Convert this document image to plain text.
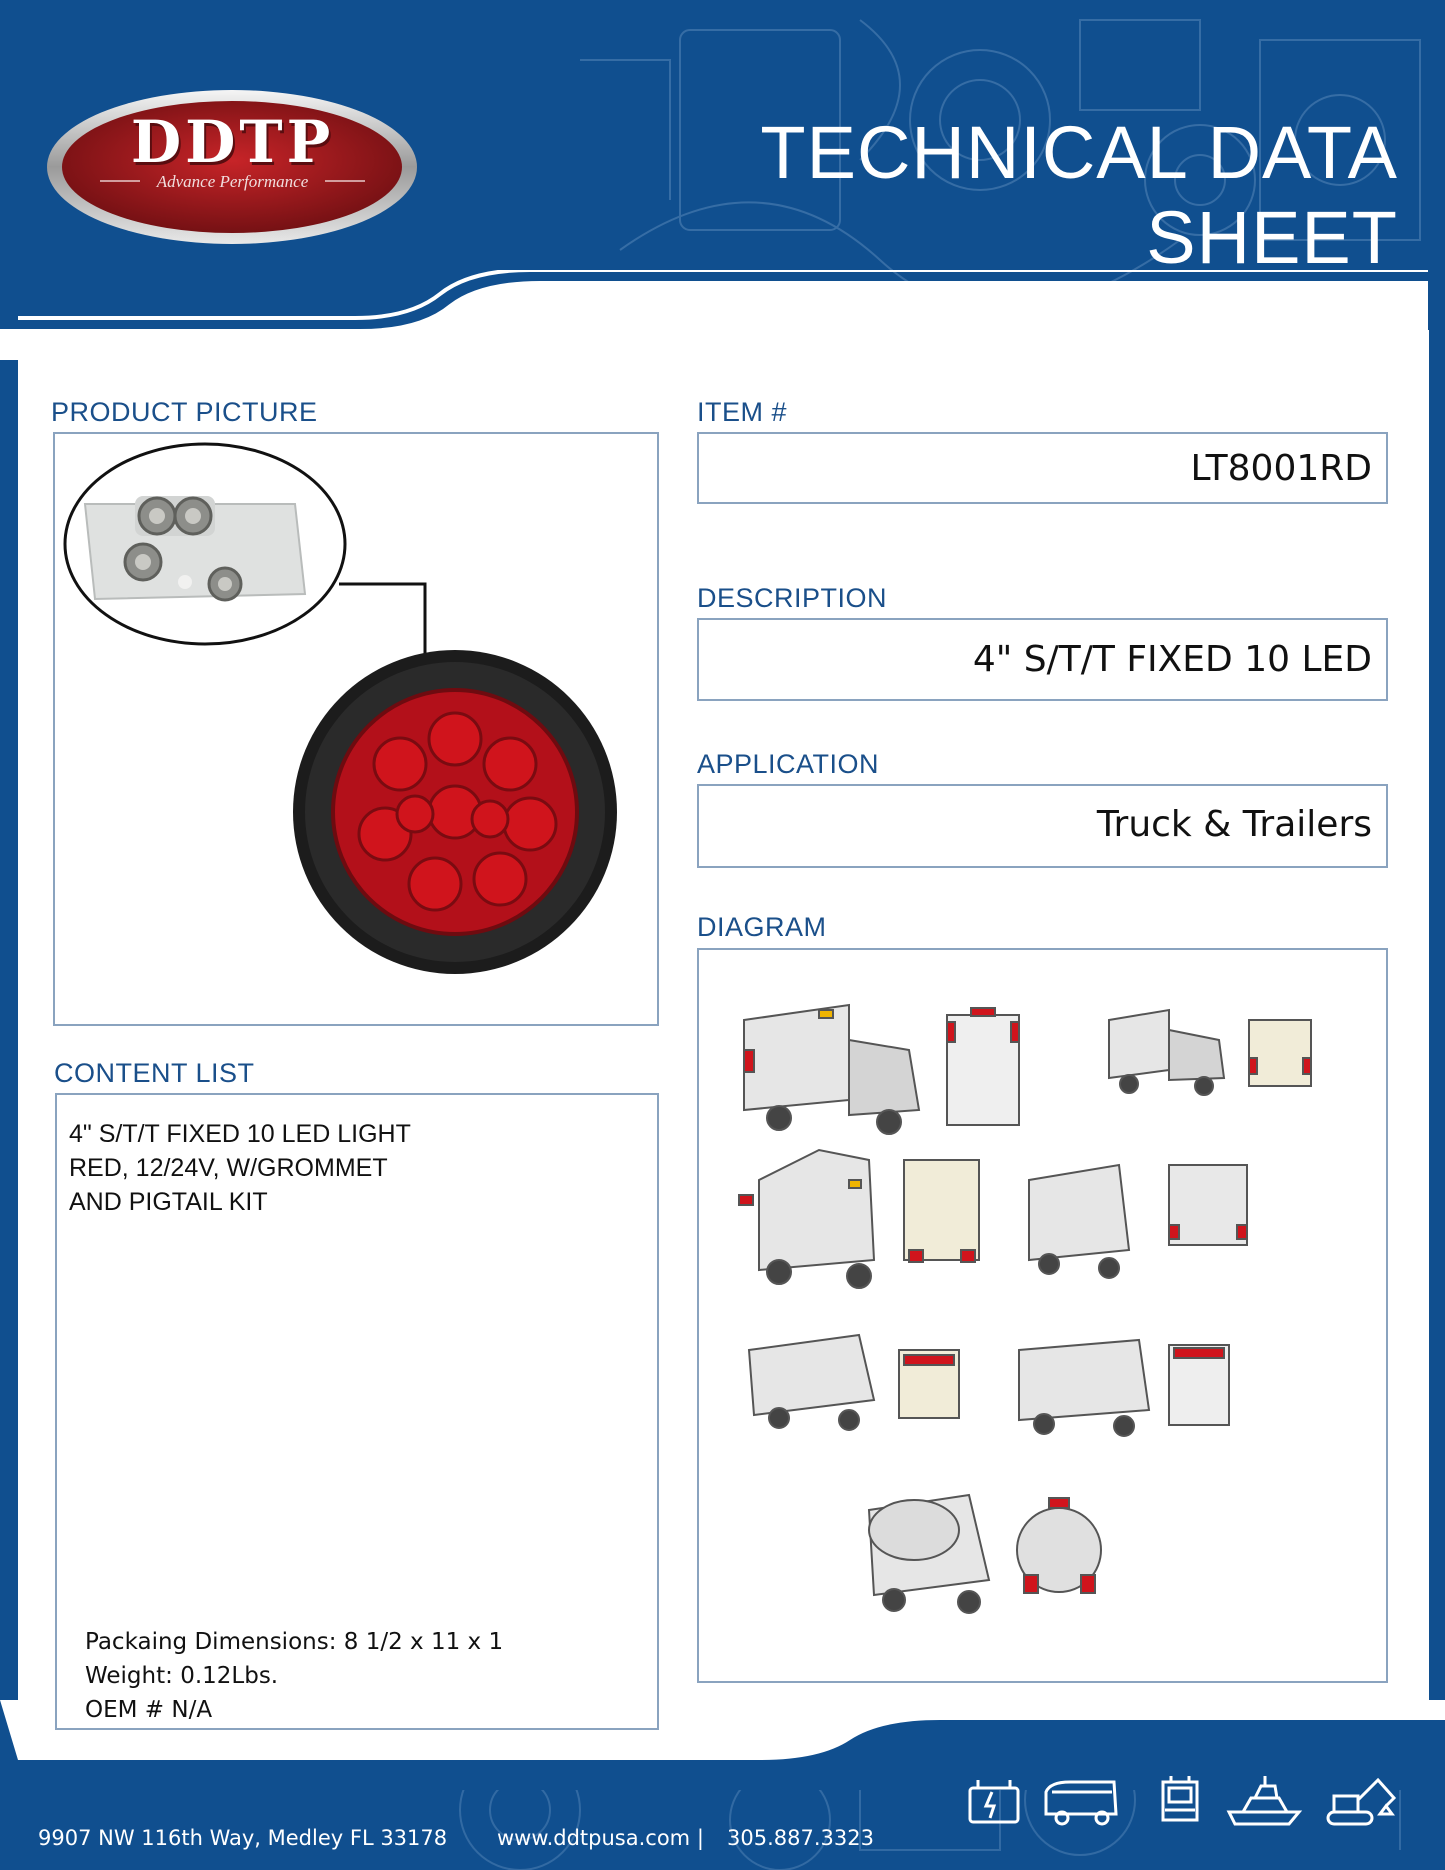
DDTP
Advance Performance	TECHNICAL DATA SHEET
PRODUCT PICTURE	ITEM #
LT8001RD
DESCRIPTION
4" S/T/T FIXED 10 LED
APPLICATION
Truck & Trailers
DIAGRAM
CONTENT LIST
4" S/T/T FIXED 10 LED LIGHT
RED, 12/24V, W/GROMMET
AND PIGTAIL KIT
Packaing Dimensions: 8 1/2 x 11 x 1
Weight: 0.12Lbs.
OEM # N/A
9907 NW 116th Way, Medley FL 33178 www.ddtpusa.com | 305.887.3323
